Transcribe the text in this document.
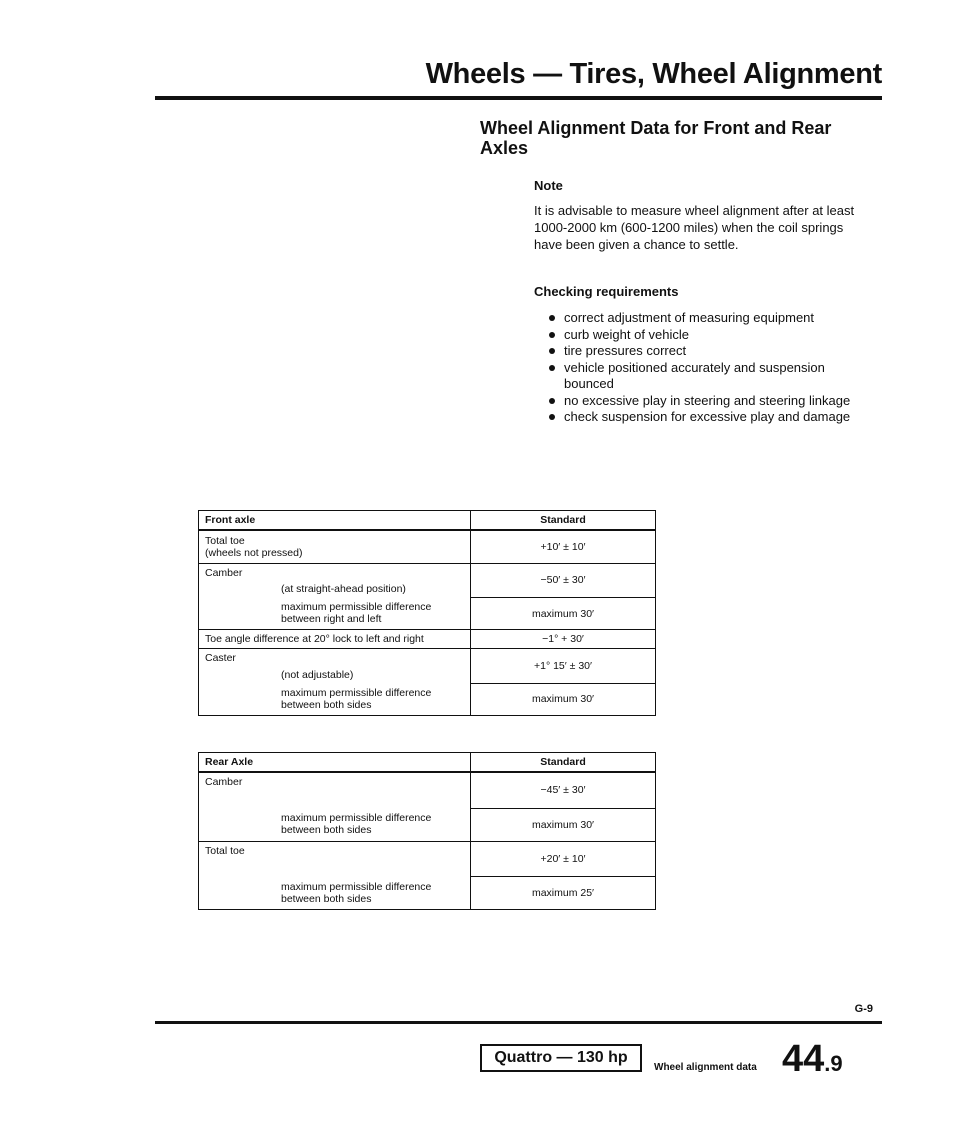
Wheels — Tires, Wheel Alignment
Wheel Alignment Data for Front and Rear Axles
Note
It is advisable to measure wheel alignment after at least 1000-2000 km (600-1200 miles) when the coil springs have been given a chance to settle.
Checking requirements
correct adjustment of measuring equipment
curb weight of vehicle
tire pressures correct
vehicle positioned accurately and suspension bounced
no excessive play in steering and steering linkage
check suspension for excessive play and damage
Front axle	Standard

Total toe
(wheels not pressed)	+10′ ± 10′
Camber	−50′ ± 30′
(at straight-ahead position)	
maximum permissible difference between right and left	maximum 30′
Toe angle difference at 20° lock to left and right	−1° + 30′
Caster	+1° 15′ ± 30′
(not adjustable)	
maximum permissible difference between both sides	maximum 30′
Rear Axle	Standard
Camber	−45′ ± 30′

maximum permissible difference between both sides	maximum 30′
Total toe	+20′ ± 10′

maximum permissible difference between both sides	maximum 25′
G-9
Quattro — 130 hp
Wheel alignment data 44.9
